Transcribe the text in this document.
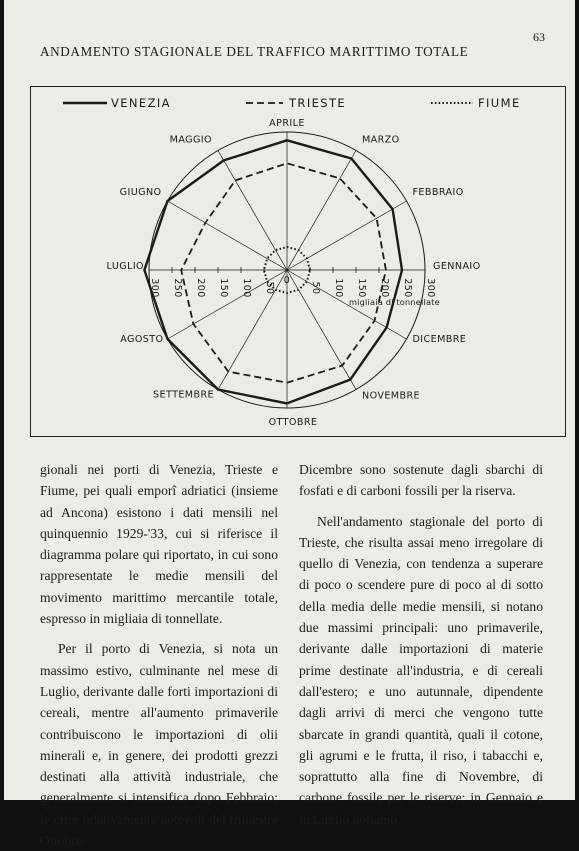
63
ANDAMENTO STAGIONALE DEL TRAFFICO MARITTIMO TOTALE
GENNAIO
FEBBRAIO
MARZO
APRILE
MAGGIO
GIUGNO
LUGLIO
AGOSTO
SETTEMBRE
OTTOBRE
NOVEMBRE
DICEMBRE
0
50
50	100
100	150
150	200
200	250
250	300
300
migliaia di tonnellate
VENEZIA	TRIESTE	FIUME

gionali nei porti di Venezia, Trieste e Fiume, pei quali emporî adriatici (insieme ad Ancona) esistono i dati mensili nel quinquennio 1929-'33, cui si riferisce il diagramma polare qui riportato, in cui sono rappresentate le medie mensili del movimento marittimo mercantile totale, espresso in migliaia di tonnellate.

Per il porto di Venezia, si nota un massimo estivo, culminante nel mese di Luglio, derivante dalle forti importazioni di cereali, mentre all'aumento primaverile contribuiscono le importazioni di olii minerali e, in genere, dei prodotti grezzi destinati alla attività industriale, che generalmente si intensifica dopo Febbraio; le cifre relativamente notevoli del trimestre Ottobre-

Dicembre sono sostenute dagli sbarchi di fosfati e di carboni fossili per la riserva.

Nell'andamento stagionale del porto di Trieste, che risulta assai meno irregolare di quello di Venezia, con tendenza a superare di poco o scendere pure di poco al di sotto della media delle medie mensili, si notano due massimi principali: uno primaverile, derivante dalle importazioni di materie prime destinate all'industria, e di cereali dall'estero; e uno autunnale, dipendente dagli arrivi di merci che vengono tutte sbarcate in grandi quantità, quali il cotone, gli agrumi e le frutta, il riso, i tabacchi e, soprattutto alla fine di Novembre, di carbone fossile per le riserve; in Gennaio e in Luglio notiamo
